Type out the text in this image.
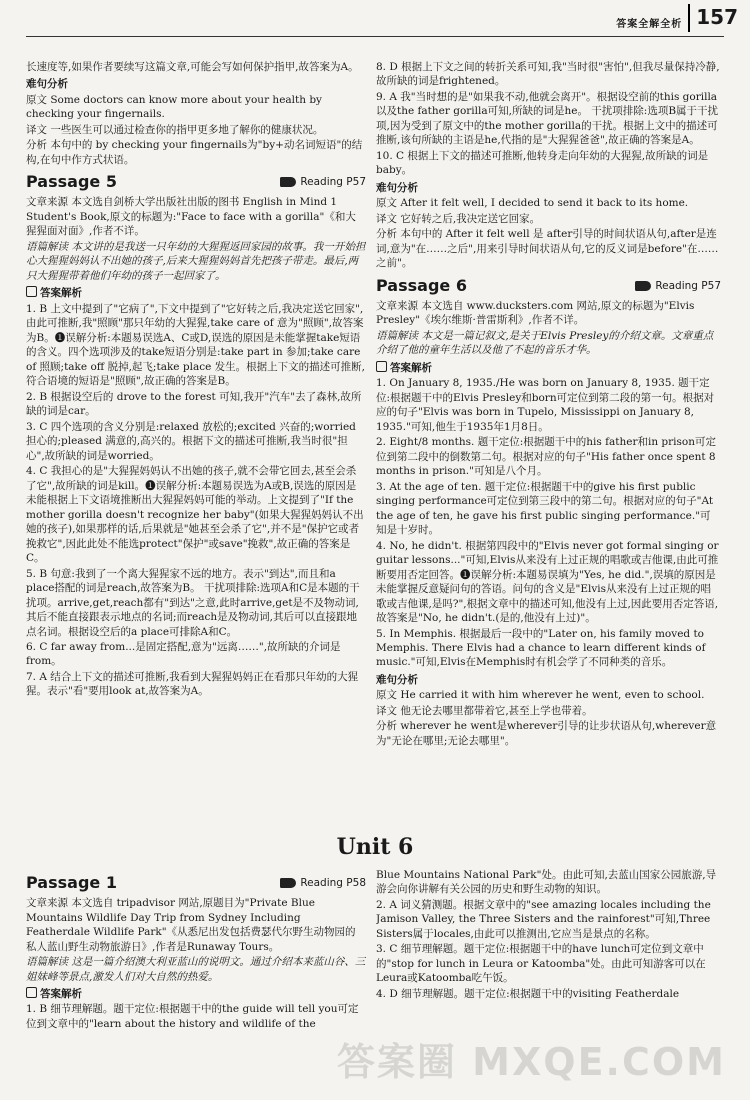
答案全解全析 157

长速度等,如果作者要续写这篇文章,可能会写如何保护指甲,故答案为A。

难句分析

原文 Some doctors can know more about your health by checking your fingernails.

译文 一些医生可以通过检查你的指甲更多地了解你的健康状况。

分析 本句中的 by checking your fingernails为"by+动名词短语"的结构,在句中作方式状语。

Passage 5	Reading P57

文章来源 本文选自剑桥大学出版社出版的图书 English in Mind 1 Student's Book,原文的标题为:"Face to face with a gorilla"《和大猩猩面对面》,作者不详。

语篇解读 本文讲的是我送一只年幼的大猩猩返回家园的故事。我一开始担心大猩猩妈妈认不出她的孩子,后来大猩猩妈妈首先把孩子带走。最后,两只大猩猩带着他们年幼的孩子一起回家了。

答案解析

1. B 上文中提到了"它病了",下文中提到了"它好转之后,我决定送它回家",由此可推断,我"照顾"那只年幼的大猩猩,take care of 意为"照顾",故答案为B。❶误解分析:本题易误选A、C或D,误选的原因是未能掌握take短语的含义。四个选项涉及的take短语分别是:take part in 参加;take care of 照顾;take off 脱掉,起飞;take place 发生。根据上下文的描述可推断,符合语境的短语是"照顾",故正确的答案是B。

2. B 根据设空后的 drove to the forest 可知,我开"汽车"去了森林,故所缺的词是car。

3. C 四个选项的含义分别是:relaxed 放松的;excited 兴奋的;worried 担心的;pleased 满意的,高兴的。根据下文的描述可推断,我当时很"担心",故所缺的词是worried。

4. C 我担心的是"大猩猩妈妈认不出她的孩子,就不会带它回去,甚至会杀了它",故所缺的词是kill。❶误解分析:本题易误选为A或B,误选的原因是未能根据上下文语境推断出大猩猩妈妈可能的举动。上文提到了"If the mother gorilla doesn't recognize her baby"(如果大猩猩妈妈认不出她的孩子),如果那样的话,后果就是"她甚至会杀了它",并不是"保护它或者挽救它",因此此处不能选protect"保护"或save"挽救",故正确的答案是C。

5. B 句意:我到了一个离大猩猩家不远的地方。表示"到达",而且和a place搭配的词是reach,故答案为B。 干扰项排除:选项A和C是本题的干扰项。arrive,get,reach都有"到达"之意,此时arrive,get是不及物动词,其后不能直接跟表示地点的名词;而reach是及物动词,其后可以直接跟地点名词。根据设空后的a place可排除A和C。

6. C far away from...是固定搭配,意为"远离……",故所缺的介词是from。

7. A 结合上下文的描述可推断,我看到大猩猩妈妈正在看那只年幼的大猩猩。表示"看"要用look at,故答案为A。

8. D 根据上下文之间的转折关系可知,我"当时很"害怕",但我尽量保持冷静,故所缺的词是frightened。

9. A 我"当时想的是"如果我不动,他就会离开"。根据设空前的this gorilla以及the father gorilla可知,所缺的词是he。 干扰项排除:选项B属于干扰项,因为受到了原文中的the mother gorilla的干扰。根据上文中的描述可推断,该句所缺的主语是he,代指的是"大猩猩爸爸",故正确的答案是A。

10. C 根据上下文的描述可推断,他转身走向年幼的大猩猩,故所缺的词是baby。

难句分析

原文 After it felt well, I decided to send it back to its home.

译文 它好转之后,我决定送它回家。

分析 本句中的 After it felt well 是 after引导的时间状语从句,after是连词,意为"在……之后",用来引导时间状语从句,它的反义词是before"在……之前"。

Passage 6	Reading P57

文章来源 本文选自 www.ducksters.com 网站,原文的标题为"Elvis Presley"《埃尔维斯·普雷斯利》,作者不详。

语篇解读 本文是一篇记叙文,是关于Elvis Presley的介绍文章。文章重点介绍了他的童年生活以及他了不起的音乐才华。

答案解析

1. On January 8, 1935./He was born on January 8, 1935. 题干定位:根据题干中的Elvis Presley和born可定位到第二段的第一句。根据对应的句子"Elvis was born in Tupelo, Mississippi on January 8, 1935."可知,他生于1935年1月8日。

2. Eight/8 months. 题干定位:根据题干中的his father和in prison可定位到第二段中的倒数第二句。根据对应的句子"His father once spent 8 months in prison."可知是八个月。

3. At the age of ten. 题干定位:根据题干中的give his first public singing performance可定位到第三段中的第二句。根据对应的句子"At the age of ten, he gave his first public singing performance."可知是十岁时。

4. No, he didn't. 根据第四段中的"Elvis never got formal singing or guitar lessons..."可知,Elvis从来没有上过正规的唱歌或吉他课,由此可推断要用否定回答。❶误解分析:本题易误填为"Yes, he did.",误填的原因是未能掌握反意疑问句的答语。问句的含义是"Elvis从来没有上过正规的唱歌或吉他课,是吗?",根据文章中的描述可知,他没有上过,因此要用否定答语,故答案是"No, he didn't.(是的,他没有上过)"。

5. In Memphis. 根据最后一段中的"Later on, his family moved to Memphis. There Elvis had a chance to learn different kinds of music."可知,Elvis在Memphis时有机会学了不同种类的音乐。

难句分析

原文 He carried it with him wherever he went, even to school.

译文 他无论去哪里都带着它,甚至上学也带着。

分析 wherever he went是wherever引导的让步状语从句,wherever意为"无论在哪里;无论去哪里"。

Unit 6
Passage 1	Reading P58

文章来源 本文选自 tripadvisor 网站,原题目为"Private Blue Mountains Wildlife Day Trip from Sydney Including Featherdale Wildlife Park"《从悉尼出发包括费瑟代尔野生动物园的私人蓝山野生动物旅游日》,作者是Runaway Tours。

语篇解读 这是一篇介绍澳大利亚蓝山的说明文。通过介绍本来蓝山谷、三姐妹峰等景点,激发人们对大自然的热爱。

答案解析

1. B 细节理解题。题干定位:根据题干中的the guide will tell you可定位到文章中的"learn about the history and wildlife of the

Blue Mountains National Park"处。由此可知,去蓝山国家公园旅游,导游会向你讲解有关公园的历史和野生动物的知识。

2. A 词义猜测题。根据文章中的"see amazing locales including the Jamison Valley, the Three Sisters and the rainforest"可知,Three Sisters属于locales,由此可以推测出,它应当是景点的名称。

3. C 细节理解题。题干定位:根据题干中的have lunch可定位到文章中的"stop for lunch in Leura or Katoomba"处。由此可知游客可以在Leura或Katoomba吃午饭。

4. D 细节理解题。题干定位:根据题干中的visiting Featherdale

答案圈 MXQE.COM
